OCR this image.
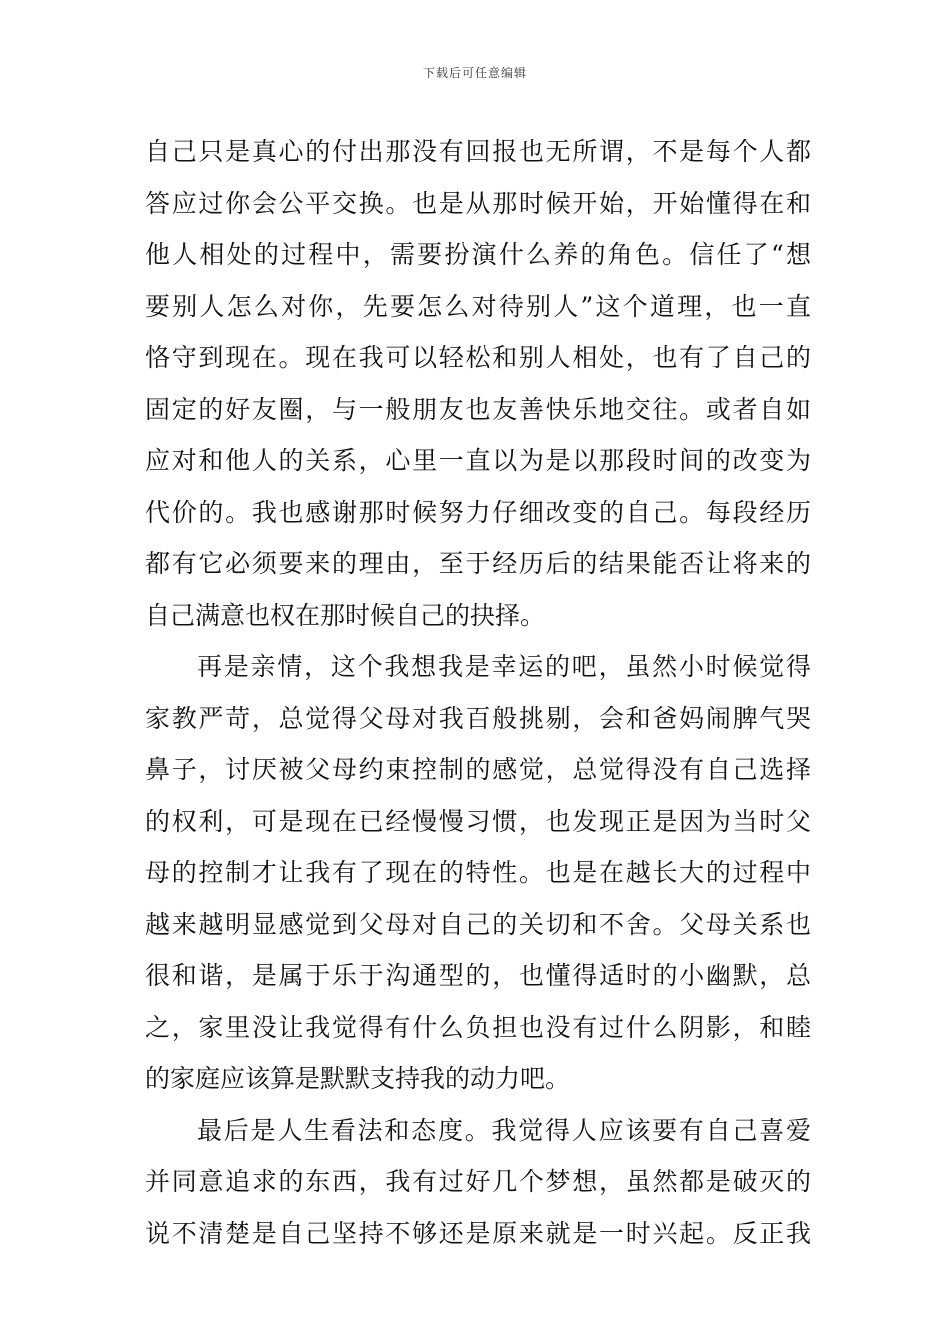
下载后可任意编辑
自己只是真心的付出那没有回报也无所谓，不是每个人都
答应过你会公平交换。也是从那时候开始，开始懂得在和
他人相处的过程中，需要扮演什么养的角色。信任了“想
要别人怎么对你，先要怎么对待别人”这个道理，也一直
恪守到现在。现在我可以轻松和别人相处，也有了自己的
固定的好友圈，与一般朋友也友善快乐地交往。或者自如
应对和他人的关系，心里一直以为是以那段时间的改变为
代价的。我也感谢那时候努力仔细改变的自己。每段经历
都有它必须要来的理由，至于经历后的结果能否让将来的
自己满意也权在那时候自己的抉择。
再是亲情，这个我想我是幸运的吧，虽然小时候觉得
家教严苛，总觉得父母对我百般挑剔，会和爸妈闹脾气哭
鼻子，讨厌被父母约束控制的感觉，总觉得没有自己选择
的权利，可是现在已经慢慢习惯，也发现正是因为当时父
母的控制才让我有了现在的特性。也是在越长大的过程中
越来越明显感觉到父母对自己的关切和不舍。父母关系也
很和谐，是属于乐于沟通型的，也懂得适时的小幽默，总
之，家里没让我觉得有什么负担也没有过什么阴影，和睦
的家庭应该算是默默支持我的动力吧。
最后是人生看法和态度。我觉得人应该要有自己喜爱
并同意追求的东西，我有过好几个梦想，虽然都是破灭的
说不清楚是自己坚持不够还是原来就是一时兴起。反正我
